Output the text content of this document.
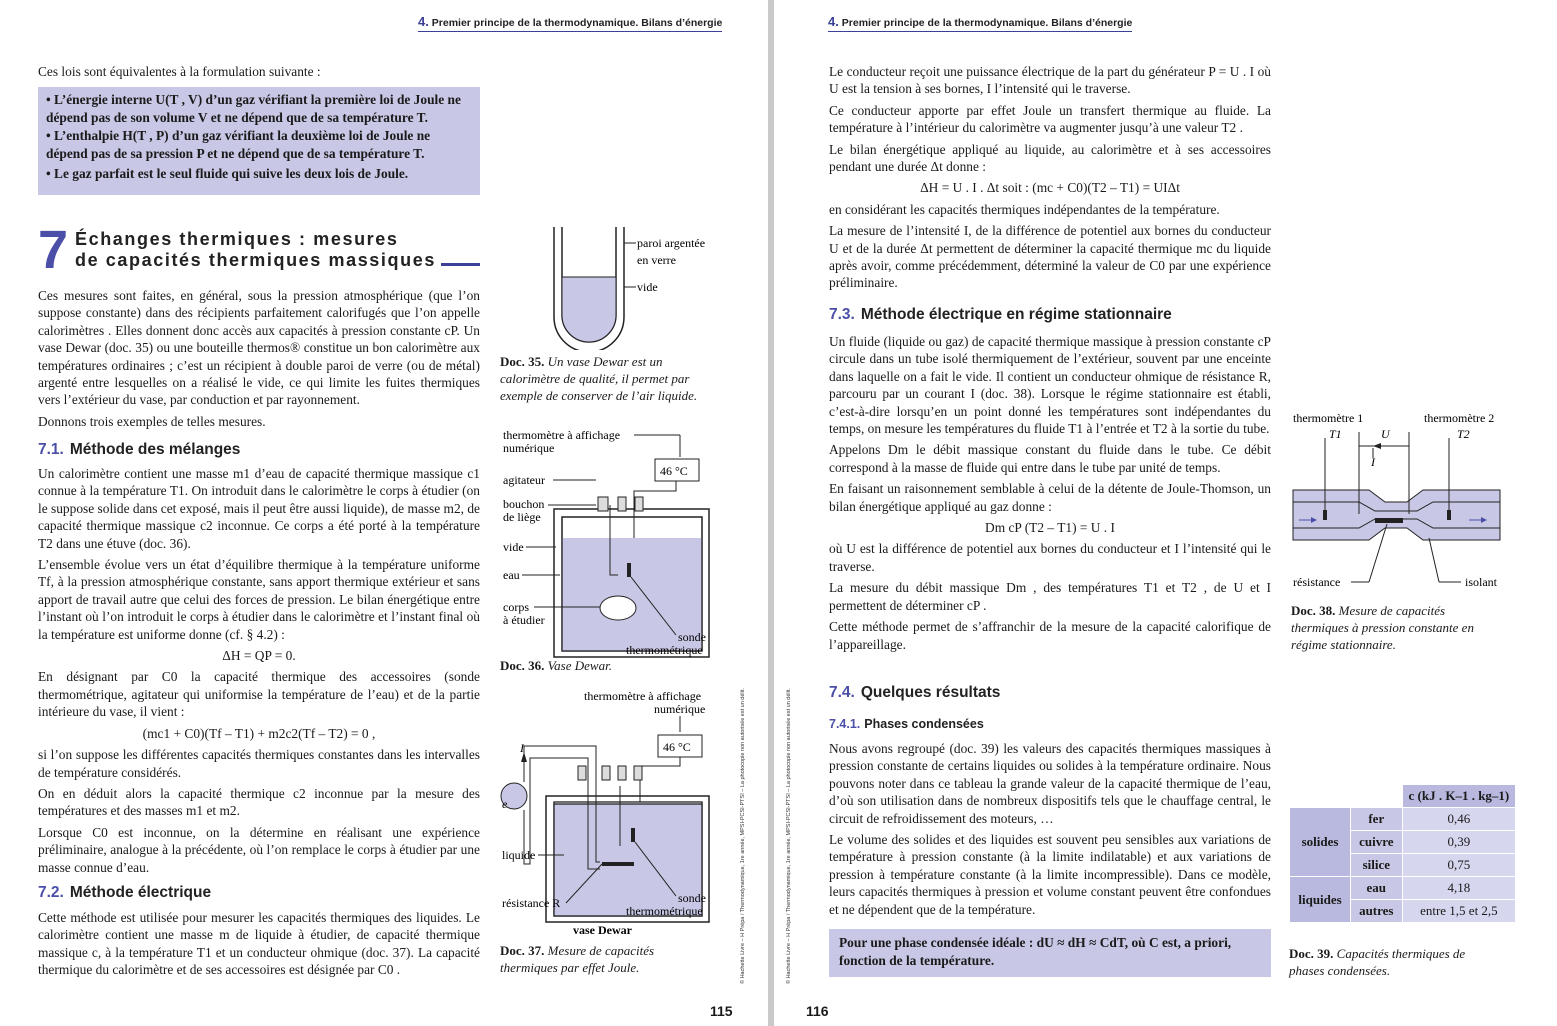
4. Premier principe de la thermodynamique. Bilans d’énergie
Ces lois sont équivalentes à la formulation suivante :
• L’énergie interne U(T , V) d’un gaz vérifiant la première loi de Joule ne dépend pas de son volume V et ne dépend que de sa température T.
• L’enthalpie H(T , P) d’un gaz vérifiant la deuxième loi de Joule ne dépend pas de sa pression P et ne dépend que de sa température T.
• Le gaz parfait est le seul fluide qui suive les deux lois de Joule.
7 Échanges thermiques : mesures
de capacités thermiques massiques

Ces mesures sont faites, en général, sous la pression atmosphérique (que l’on suppose constante) dans des récipients parfaitement calorifugés que l’on appelle calorimètres . Elles donnent donc accès aux capacités à pression constante cP. Un vase Dewar (doc. 35) ou une bouteille thermos® constitue un bon calorimètre aux températures ordinaires ; c’est un récipient à double paroi de verre (ou de métal) argenté entre lesquelles on a réalisé le vide, ce qui limite les fuites thermiques vers l’extérieur du vase, par conduction et par rayonnement.

Donnons trois exemples de telles mesures.

7.1. Méthode des mélanges

Un calorimètre contient une masse m1 d’eau de capacité thermique massique c1 connue à la température T1. On introduit dans le calorimètre le corps à étudier (on le suppose solide dans cet exposé, mais il peut être aussi liquide), de masse m2, de capacité thermique massique c2 inconnue. Ce corps a été porté à la température T2 dans une étuve (doc. 36).

L’ensemble évolue vers un état d’équilibre thermique à la température uniforme Tf, à la pression atmosphérique constante, sans apport thermique extérieur et sans apport de travail autre que celui des forces de pression. Le bilan énergétique entre l’instant où l’on introduit le corps à étudier dans le calorimètre et l’instant final où la température est uniforme donne (cf. § 4.2) :

ΔH = QP = 0.

En désignant par C0 la capacité thermique des accessoires (sonde thermométrique, agitateur qui uniformise la température de l’eau) et de la partie intérieure du vase, il vient :

(mc1 + C0)(Tf – T1) + m2c2(Tf – T2) = 0 ,

si l’on suppose les différentes capacités thermiques constantes dans les intervalles de température considérés.

On en déduit alors la capacité thermique c2 inconnue par la mesure des températures et des masses m1 et m2.

Lorsque C0 est inconnue, on la détermine en réalisant une expérience préliminaire, analogue à la précédente, où l’on remplace le corps à étudier par une masse connue d’eau.

7.2. Méthode électrique
Cette méthode est utilisée pour mesurer les capacités thermiques des liquides. Le calorimètre contient une masse m de liquide à étudier, de capacité thermique massique c, à la température T1 et un conducteur ohmique (doc. 37). La capacité thermique du calorimètre et de ses accessoires est désignée par C0 .
paroi argentée
en verre
vide
Doc. 35. Un vase Dewar est un calorimètre de qualité, il permet par exemple de conserver de l’air liquide.
thermomètre à affichage
numérique
46 °C
agitateur
bouchon
de liège
vide
eau
corps
à étudier
sonde
thermométrique
Doc. 36. Vase Dewar.
thermomètre à affichage
numérique
46 °C
I
e
liquide
résistance R	sonde
thermométrique
vase Dewar
Doc. 37. Mesure de capacités thermiques par effet Joule.	© Hachette Livre – H Prépa / Thermodynamique, 1re année, MPSI-PCSI-PTSI – La photocopie non autorisée est un délit.
115
© Hachette Livre – H Prépa / Thermodynamique, 1re année, MPSI-PCSI-PTSI – La photocopie non autorisée est un délit.
4. Premier principe de la thermodynamique. Bilans d’énergie

Le conducteur reçoit une puissance électrique de la part du générateur P = U . I où U est la tension à ses bornes, I l’intensité qui le traverse.

Ce conducteur apporte par effet Joule un transfert thermique au fluide. La température à l’intérieur du calorimètre va augmenter jusqu’à une valeur T2 .

Le bilan énergétique appliqué au liquide, au calorimètre et à ses accessoires pendant une durée Δt donne :

ΔH = U . I . Δt soit : (mc + C0)(T2 – T1) = UIΔt

en considérant les capacités thermiques indépendantes de la température.

La mesure de l’intensité I, de la différence de potentiel aux bornes du conducteur U et de la durée Δt permettent de déterminer la capacité thermique mc du liquide après avoir, comme précédemment, déterminé la valeur de C0 par une expérience préliminaire.

7.3. Méthode électrique en régime stationnaire

Un fluide (liquide ou gaz) de capacité thermique massique à pression constante cP circule dans un tube isolé thermiquement de l’extérieur, souvent par une enceinte dans laquelle on a fait le vide. Il contient un conducteur ohmique de résistance R, parcouru par un courant I (doc. 38). Lorsque le régime stationnaire est établi, c’est-à-dire lorsqu’en un point donné les températures sont indépendantes du temps, on mesure les températures du fluide T1 à l’entrée et T2 à la sortie du tube.

Appelons Dm le débit massique constant du fluide dans le tube. Ce débit correspond à la masse de fluide qui entre dans le tube par unité de temps.

En faisant un raisonnement semblable à celui de la détente de Joule-Thomson, un bilan énergétique appliqué au gaz donne :

Dm cP (T2 – T1) = U . I

où U est la différence de potentiel aux bornes du conducteur et I l’intensité qui le traverse.

La mesure du débit massique Dm , des températures T1 et T2 , de U et I permettent de déterminer cP .

Cette méthode permet de s’affranchir de la mesure de la capacité calorifique de l’appareillage.

7.4. Quelques résultats
7.4.1. Phases condensées

Nous avons regroupé (doc. 39) les valeurs des capacités thermiques massiques à pression constante de certains liquides ou solides à la température ordinaire. Nous pouvons noter dans ce tableau la grande valeur de la capacité thermique de l’eau, d’où son utilisation dans de nombreux dispositifs tels que le chauffage central, le circuit de refroidissement des moteurs, …

Le volume des solides et des liquides est souvent peu sensibles aux variations de température à pression constante (à la limite indilatable) et aux variations de pression à température constante (à la limite incompressible). Dans ce modèle, leurs capacités thermiques à pression et volume constant peuvent être confondues et ne dépendent que de la température.

Pour une phase condensée idéale : dU ≈ dH ≈ CdT, où C est, a priori, fonction de la température.
116
thermomètre 1	thermomètre 2
T1	T2
U
I
résistance	isolant
Doc. 38. Mesure de capacités thermiques à pression constante en régime stationnaire.
		c (kJ . K–1 . kg–1)
solides	fer	0,46
	cuivre	0,39
	silice	0,75
liquides	eau	4,18
	autres	entre 1,5 et 2,5
Doc. 39. Capacités thermiques de phases condensées.
